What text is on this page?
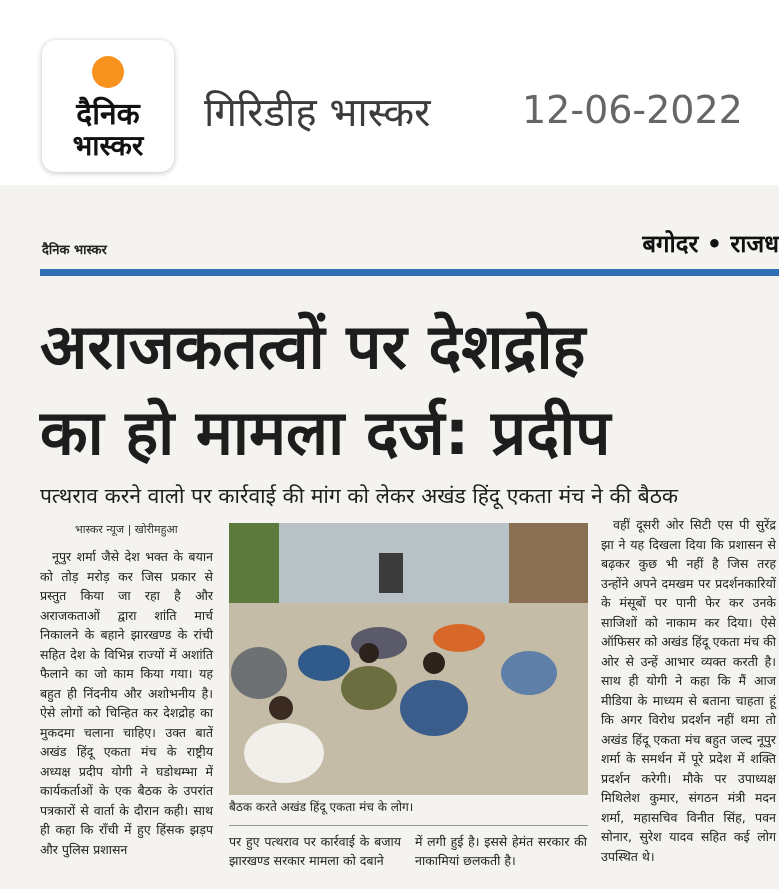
दैनिक
भास्कर
गिरिडीह भास्कर 12-06-2022
दैनिक भास्कर	बगोदर • राजध
अराजकतत्वों पर देशद्रोह
का हो मामला दर्ज: प्रदीप
पत्थराव करने वालो पर कार्रवाई की मांग को लेकर अखंड हिंदू एकता मंच ने की बैठक
भास्कर न्यूज | खोरीमहुआ

नूपुर शर्मा जैसे देश भक्त के बयान को तोड़ मरोड़ कर जिस प्रकार से प्रस्तुत किया जा रहा है और अराजकताओं द्वारा शांति मार्च निकालने के बहाने झारखण्ड के रांची सहित देश के विभिन्न राज्यों में अशांति फैलाने का जो काम किया गया। यह बहुत ही निंदनीय और अशोभनीय है। ऐसे लोगों को चिन्हित कर देशद्रोह का मुकदमा चलाना चाहिए। उक्त बातें अखंड हिंदू एकता मंच के राष्ट्रीय अध्यक्ष प्रदीप योगी ने घडोथम्भा में कार्यकर्ताओं के एक बैठक के उपरांत पत्रकारों से वार्ता के दौरान कही। साथ ही कहा कि राँची में हुए हिंसक झड़प और पुलिस प्रशासन

बैठक करते अखंड हिंदू एकता मंच के लोग।
पर हुए पत्थराव पर कार्रवाई के बजाय झारखण्ड सरकार मामला को दबाने
में लगी हुई है। इससे हेमंत सरकार की नाकामियां छलकती है।

वहीं दूसरी ओर सिटी एस पी सुरेंद्र झा ने यह दिखला दिया कि प्रशासन से बढ़कर कुछ भी नहीं है जिस तरह उन्होंने अपने दमखम पर प्रदर्शनकारियों के मंसूबों पर पानी फेर कर उनके साजिशों को नाकाम कर दिया। ऐसे ऑफिसर को अखंड हिंदू एकता मंच की ओर से उन्हें आभार व्यक्त करती है। साथ ही योगी ने कहा कि मैं आज मीडिया के माध्यम से बताना चाहता हूं कि अगर विरोध प्रदर्शन नहीं थमा तो अखंड हिंदू एकता मंच बहुत जल्द नूपुर शर्मा के समर्थन में पूरे प्रदेश में शक्ति प्रदर्शन करेगी। मौके पर उपाध्यक्ष मिथिलेश कुमार, संगठन मंत्री मदन शर्मा, महासचिव विनीत सिंह, पवन सोनार, सुरेश यादव सहित कई लोग उपस्थित थे।
